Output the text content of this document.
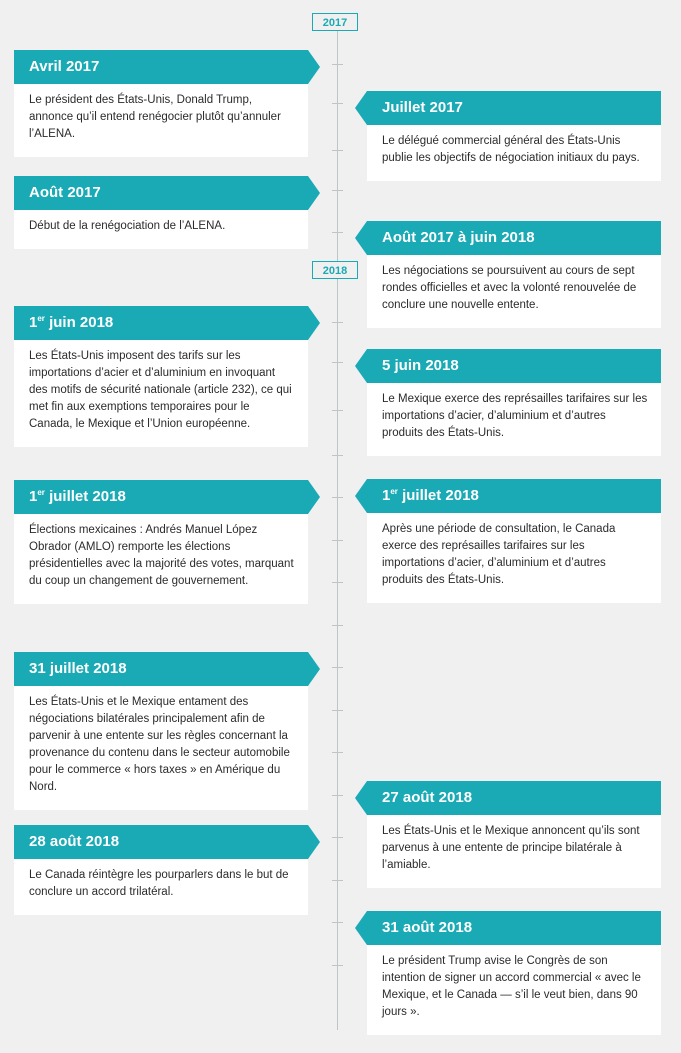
2017
2018
Avril 2017
Le président des États-Unis, Donald Trump, annonce qu’il entend renégocier plutôt qu’annuler l’ALENA.
Juillet 2017
Le délégué commercial général des États-Unis publie les objectifs de négociation initiaux du pays.
Août 2017
Début de la renégociation de l’ALENA.
Août 2017 à juin 2018
Les négociations se poursuivent au cours de sept rondes officielles et avec la volonté renouvelée de conclure une nouvelle entente.
1er juin 2018
Les États-Unis imposent des tarifs sur les importations d’acier et d’aluminium en invoquant des motifs de sécurité nationale (article 232), ce qui met fin aux exemptions temporaires pour le Canada, le Mexique et l’Union européenne.
5 juin 2018
Le Mexique exerce des représailles tarifaires sur les importations d’acier, d’aluminium et d’autres produits des États-Unis.
1er juillet 2018
Élections mexicaines : Andrés Manuel López Obrador (AMLO) remporte les élections présidentielles avec la majorité des votes, marquant du coup un changement de gouvernement.
1er juillet 2018
Après une période de consultation, le Canada exerce des représailles tarifaires sur les importations d’acier, d’aluminium et d’autres produits des États-Unis.
31 juillet 2018
Les États-Unis et le Mexique entament des négociations bilatérales principalement afin de parvenir à une entente sur les règles concernant la provenance du contenu dans le secteur automobile pour le commerce « hors taxes » en Amérique du Nord.
27 août 2018
Les États-Unis et le Mexique annoncent qu’ils sont parvenus à une entente de principe bilatérale à l’amiable.
28 août 2018
Le Canada réintègre les pourparlers dans le but de conclure un accord trilatéral.
31 août 2018
Le président Trump avise le Congrès de son intention de signer un accord commercial « avec le Mexique, et le Canada — s’il le veut bien, dans 90 jours ».
